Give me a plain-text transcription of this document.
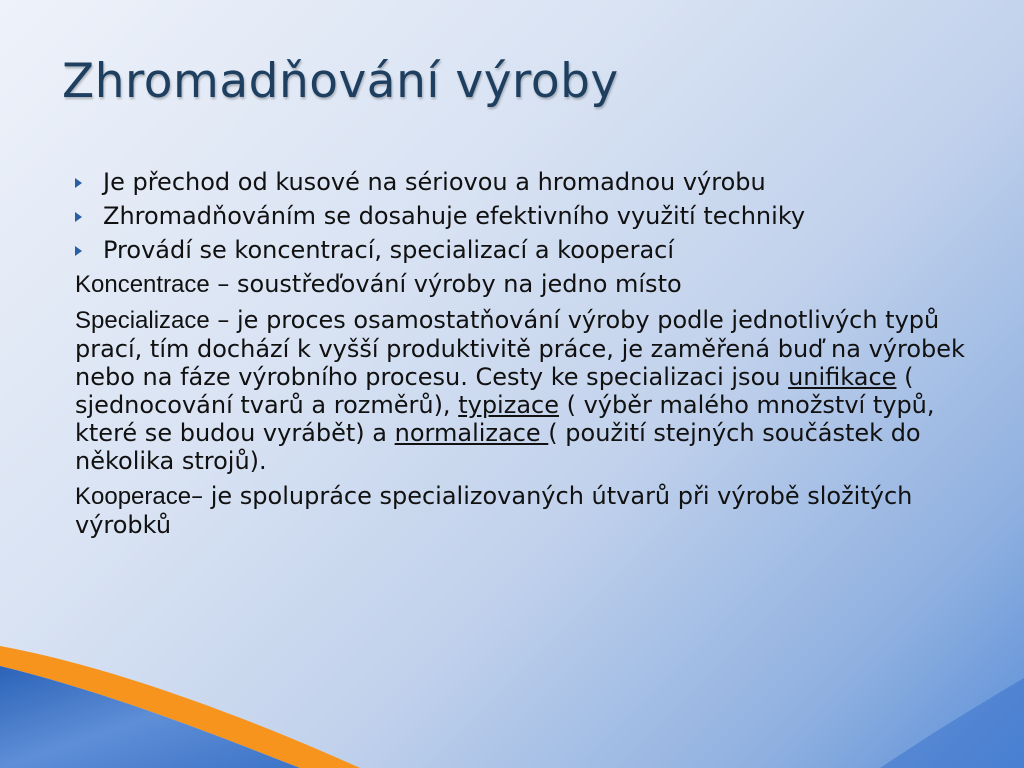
Zhromadňování výroby
Je přechod od kusové na sériovou a hromadnou výrobu
Zhromadňováním se dosahuje efektivního využití techniky
Provádí se koncentrací, specializací a kooperací
Koncentrace – soustřeďování výroby na jedno místo
Specializace – je proces osamostatňování výroby podle jednotlivých typů prací, tím dochází k vyšší produktivitě práce, je zaměřená buď na výrobek nebo na fáze výrobního procesu. Cesty ke specializaci jsou unifikace ( sjednocování tvarů a rozměrů), typizace ( výběr malého množství typů, které se budou vyrábět) a normalizace ( použití stejných součástek do několika strojů).
Kooperace– je spolupráce specializovaných útvarů při výrobě složitých výrobků
